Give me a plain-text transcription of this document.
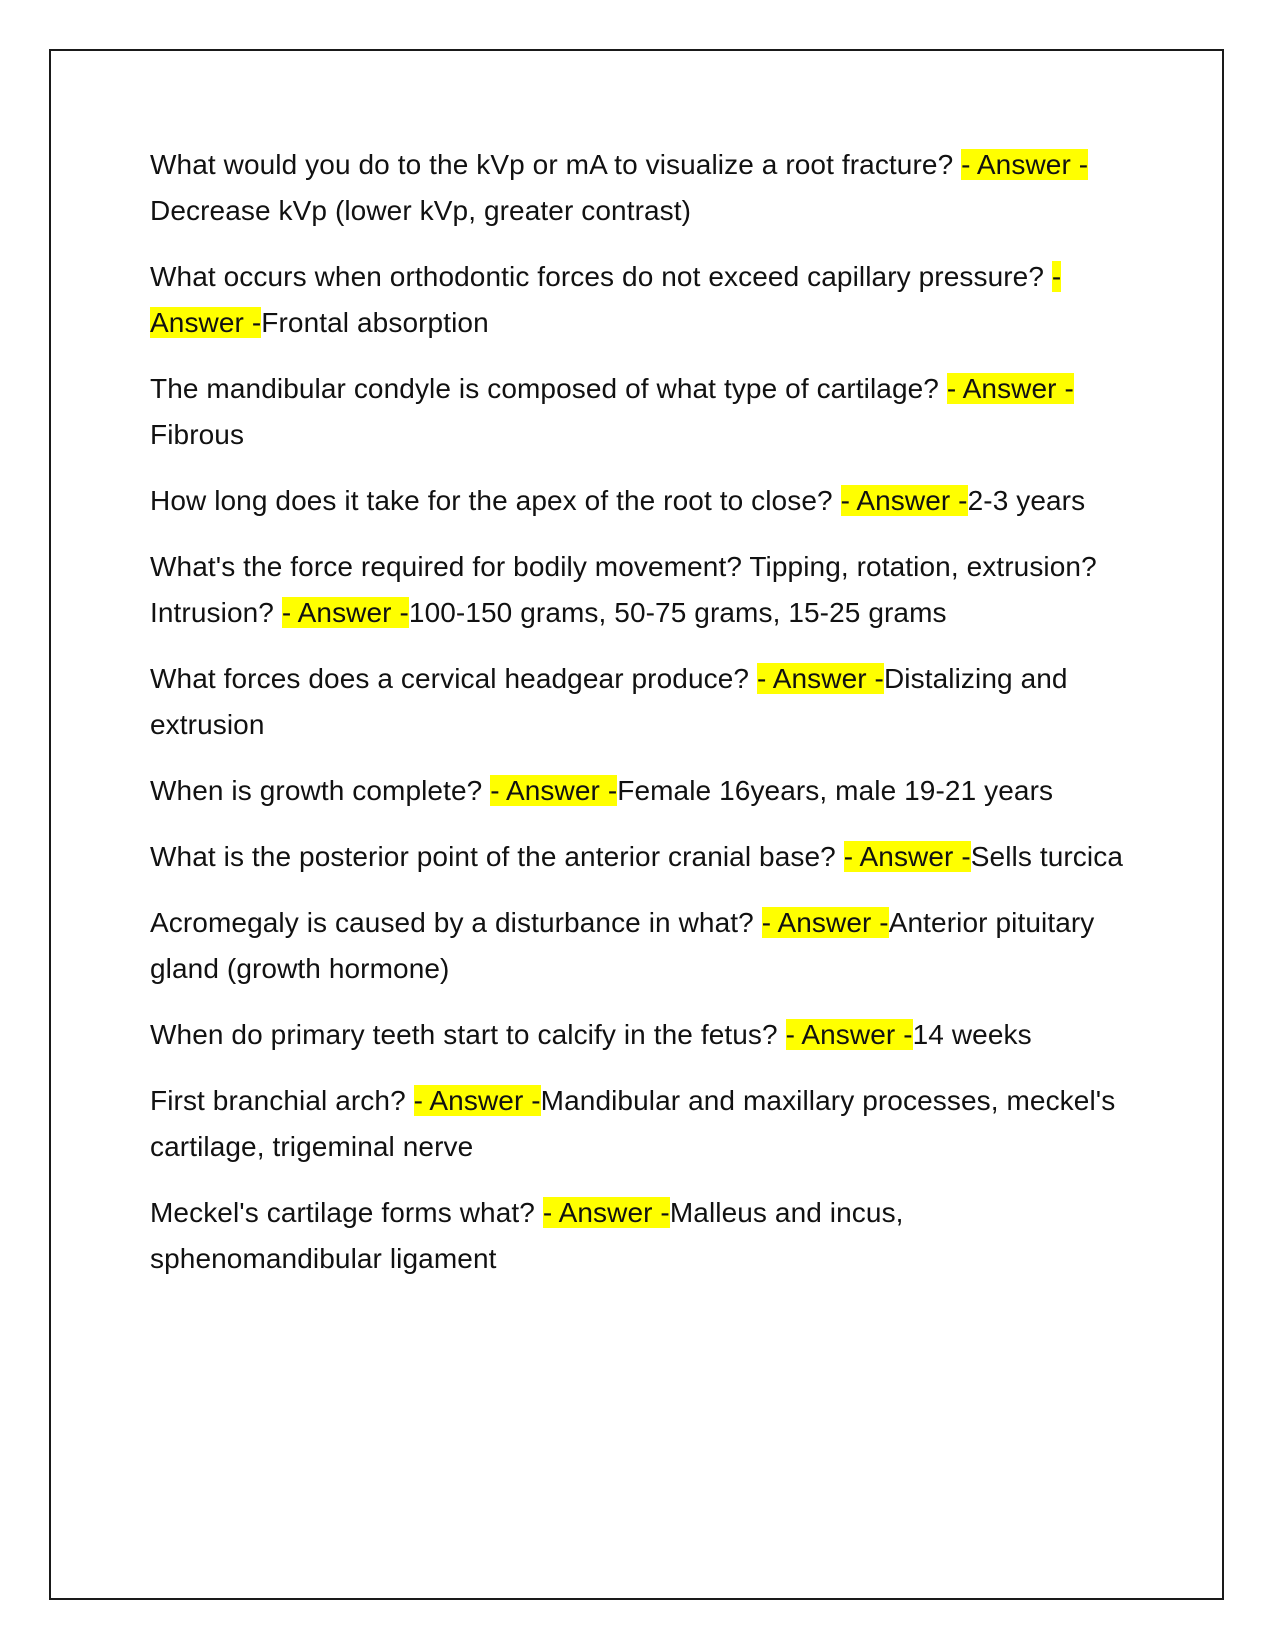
What would you do to the kVp or mA to visualize a root fracture? - Answer -Decrease kVp (lower kVp, greater contrast)

What occurs when orthodontic forces do not exceed capillary pressure? - Answer -Frontal absorption

The mandibular condyle is composed of what type of cartilage? - Answer -Fibrous

How long does it take for the apex of the root to close? - Answer -2-3 years

What's the force required for bodily movement? Tipping, rotation, extrusion? Intrusion? - Answer -100-150 grams, 50-75 grams, 15-25 grams

What forces does a cervical headgear produce? - Answer -Distalizing and extrusion

When is growth complete? - Answer -Female 16years, male 19-21 years

What is the posterior point of the anterior cranial base? - Answer -Sells turcica

Acromegaly is caused by a disturbance in what? - Answer -Anterior pituitary gland (growth hormone)

When do primary teeth start to calcify in the fetus? - Answer -14 weeks

First branchial arch? - Answer -Mandibular and maxillary processes, meckel's cartilage, trigeminal nerve

Meckel's cartilage forms what? - Answer -Malleus and incus, sphenomandibular ligament
